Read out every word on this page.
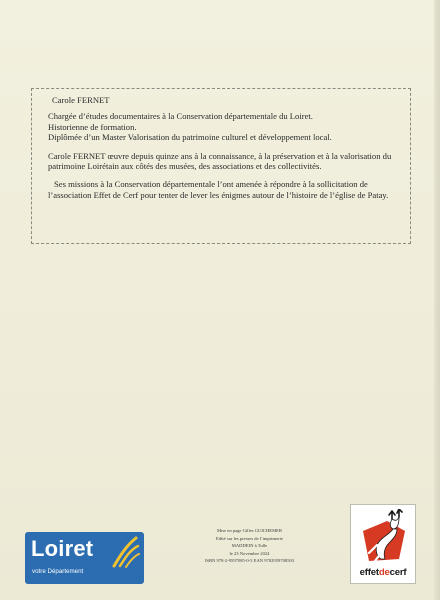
Carole FERNET

Chargée d’études documentaires à la Conservation départementale du Loiret.

Historienne de formation.

Diplômée d’un Master Valorisation du patrimoine culturel et développement local.

Carole FERNET œuvre depuis quinze ans à la connaissance, à la préservation et à la valorisation du patrimoine Loirétain aux côtés des musées, des associations et des collectivités.

Ses missions à la Conservation départementale l’ont amenée à répondre à la sollicitation de l’association Effet de Cerf pour tenter de lever les énigmes autour de l’histoire de l’église de Patay.

Mise en page Gilles GUICHEMER

Edité sur les presses de l’imprimerie

MADDEIN à Tulle

le 23 Novembre 2024

ISBN 978-2-9597085-0-3 EAN 9782959708503

Loiret
votre Département	effetdecerf
